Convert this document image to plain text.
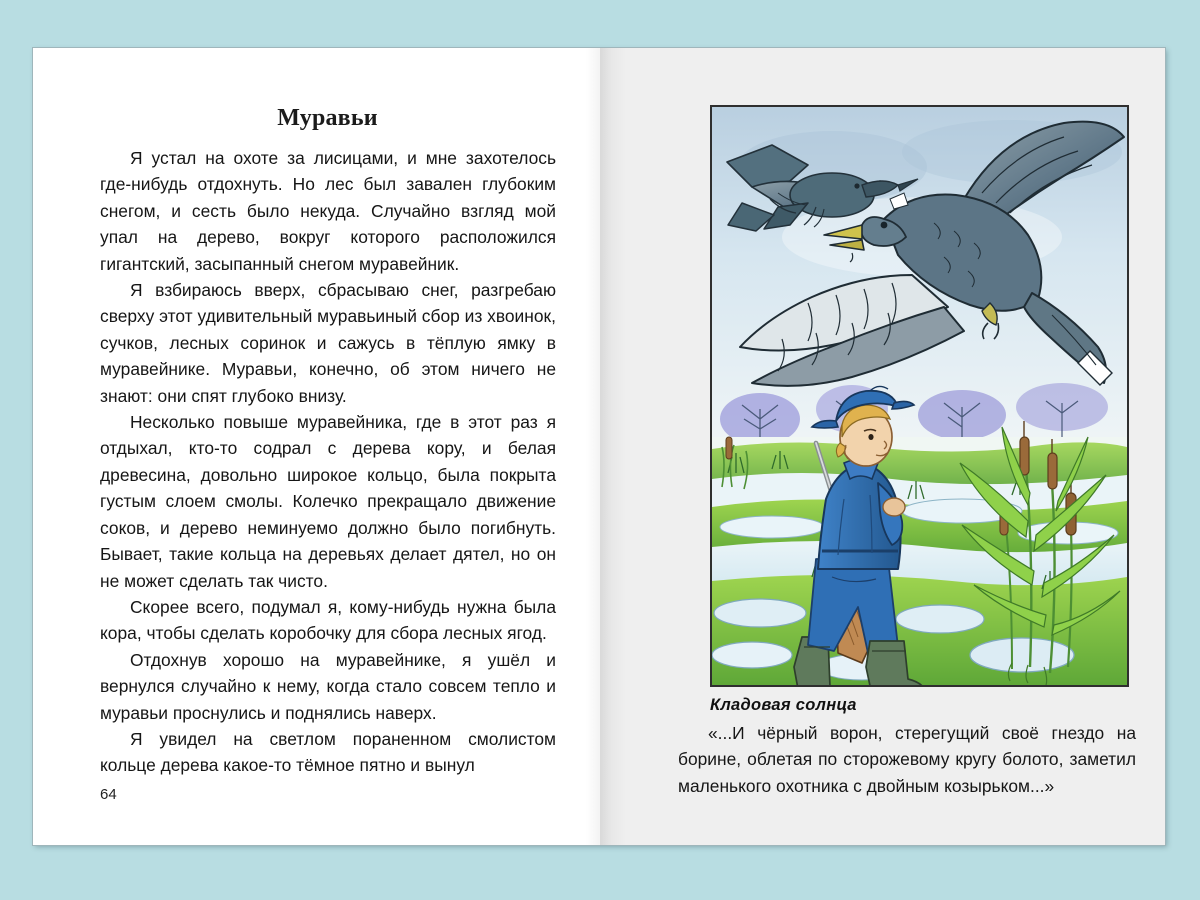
Муравьи

Я устал на охоте за лисицами, и мне захотелось где-нибудь отдохнуть. Но лес был завален глубоким снегом, и сесть было некуда. Случайно взгляд мой упал на дерево, вокруг которого расположился гигантский, засыпанный снегом муравейник.

Я взбираюсь вверх, сбрасываю снег, разгребаю сверху этот удивительный муравьиный сбор из хвоинок, сучков, лесных соринок и сажусь в тёплую ямку в муравейнике. Муравьи, конечно, об этом ничего не знают: они спят глубоко внизу.

Несколько повыше муравейника, где в этот раз я отдыхал, кто-то содрал с дерева кору, и белая древесина, довольно широкое кольцо, была покрыта густым слоем смолы. Колечко прекращало движение соков, и дерево неминуемо должно было погибнуть. Бывает, такие кольца на деревьях делает дятел, но он не может сделать так чисто.

Скорее всего, подумал я, кому-нибудь нужна была кора, чтобы сделать коробочку для сбора лесных ягод.

Отдохнув хорошо на муравейнике, я ушёл и вернулся случайно к нему, когда стало совсем тепло и муравьи проснулись и поднялись наверх.

Я увидел на светлом пораненном смолистом кольце дерева какое-то тёмное пятно и вынул

64
Кладовая солнца

«...И чёрный ворон, стерегущий своё гнездо на борине, облетая по сторожевому кругу болото, заметил маленького охотника с двойным козырьком...»
